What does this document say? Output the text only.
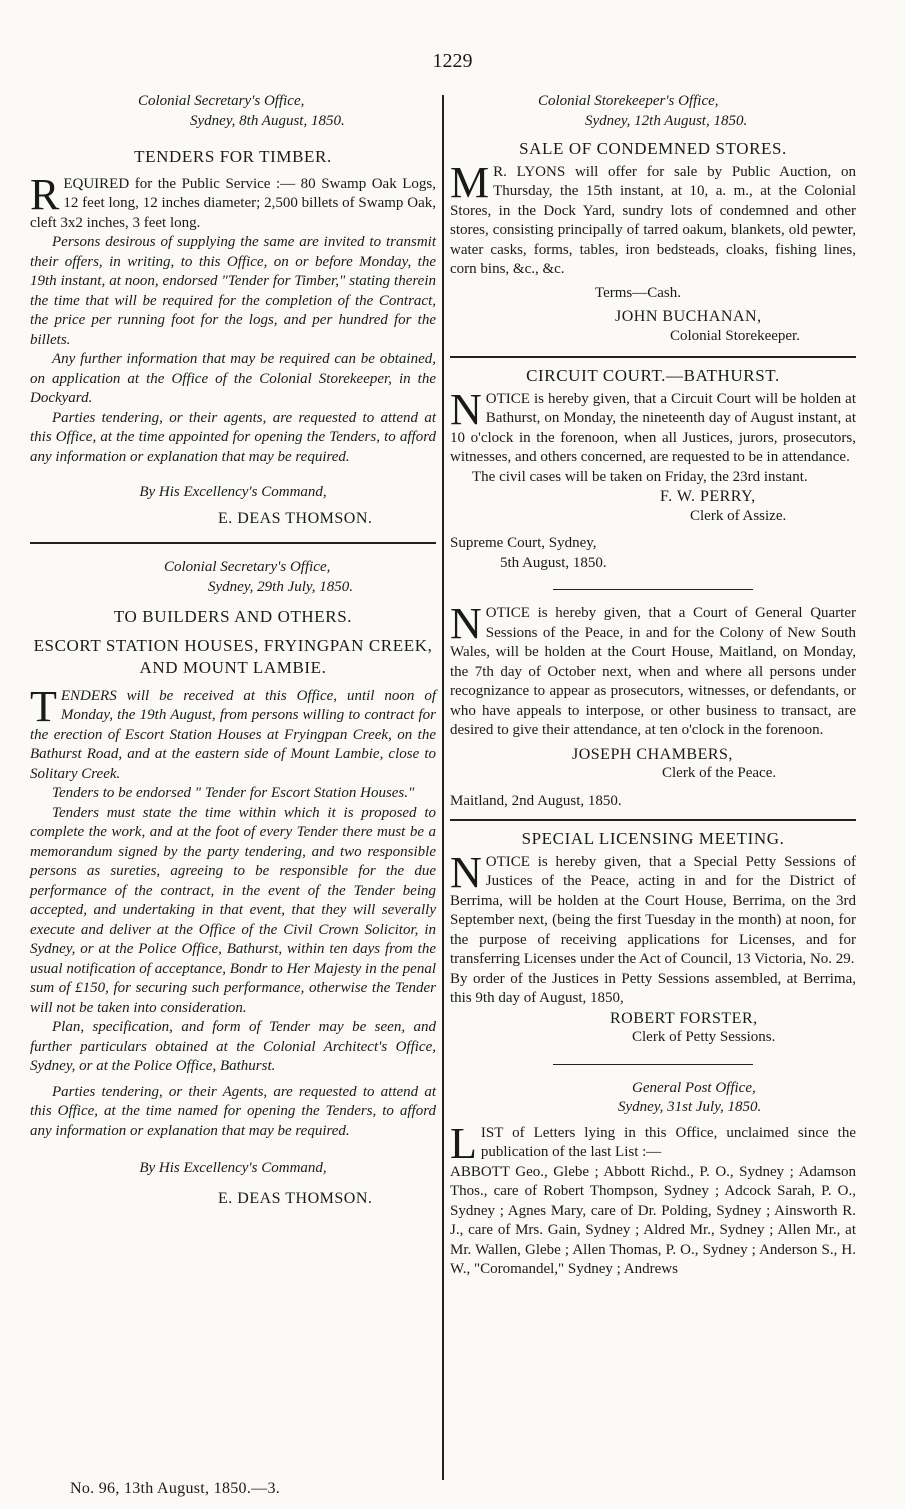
1229
Colonial Secretary's Office,
Sydney, 8th August, 1850.
TENDERS FOR TIMBER.

REQUIRED for the Public Service :— 80 Swamp Oak Logs, 12 feet long, 12 inches diameter; 2,500 billets of Swamp Oak, cleft 3x2 inches, 3 feet long.

Persons desirous of supplying the same are invited to transmit their offers, in writing, to this Office, on or before Monday, the 19th instant, at noon, endorsed "Tender for Timber," stating therein the time that will be required for the completion of the Contract, the price per running foot for the logs, and per hundred for the billets.

Any further information that may be required can be obtained, on application at the Office of the Colonial Storekeeper, in the Dockyard.

Parties tendering, or their agents, are requested to attend at this Office, at the time appointed for opening the Tenders, to afford any information or explanation that may be required.

By His Excellency's Command,
E. DEAS THOMSON.
Colonial Secretary's Office,
Sydney, 29th July, 1850.
TO BUILDERS AND OTHERS.
ESCORT STATION HOUSES, FRYINGPAN CREEK, AND MOUNT LAMBIE.

TENDERS will be received at this Office, until noon of Monday, the 19th August, from persons willing to contract for the erection of Escort Station Houses at Fryingpan Creek, on the Bathurst Road, and at the eastern side of Mount Lambie, close to Solitary Creek.

Tenders to be endorsed " Tender for Escort Station Houses."

Tenders must state the time within which it is proposed to complete the work, and at the foot of every Tender there must be a memorandum signed by the party tendering, and two responsible persons as sureties, agreeing to be responsible for the due performance of the contract, in the event of the Tender being accepted, and undertaking in that event, that they will severally execute and deliver at the Office of the Civil Crown Solicitor, in Sydney, or at the Police Office, Bathurst, within ten days from the usual notification of acceptance, Bondr to Her Majesty in the penal sum of £150, for securing such performance, otherwise the Tender will not be taken into consideration.

Plan, specification, and form of Tender may be seen, and further particulars obtained at the Colonial Architect's Office, Sydney, or at the Police Office, Bathurst.

Parties tendering, or their Agents, are requested to attend at this Office, at the time named for opening the Tenders, to afford any information or explanation that may be required.

By His Excellency's Command,
E. DEAS THOMSON.
Colonial Storekeeper's Office,
Sydney, 12th August, 1850.
SALE OF CONDEMNED STORES.

M R. LYONS will offer for sale by Public Auction, on Thursday, the 15th instant, at 10, a. m., at the Colonial Stores, in the Dock Yard, sundry lots of condemned and other stores, consisting principally of tarred oakum, blankets, old pewter, water casks, forms, tables, iron bedsteads, cloaks, fishing lines, corn bins, &c., &c.

Terms—Cash.
JOHN BUCHANAN,
Colonial Storekeeper.
CIRCUIT COURT.—BATHURST.

NOTICE is hereby given, that a Circuit Court will be holden at Bathurst, on Monday, the nineteenth day of August instant, at 10 o'clock in the forenoon, when all Justices, jurors, prosecutors, witnesses, and others concerned, are requested to be in attendance.

The civil cases will be taken on Friday, the 23rd instant.

F. W. PERRY,
Clerk of Assize.
Supreme Court, Sydney,
5th August, 1850.

NOTICE is hereby given, that a Court of General Quarter Sessions of the Peace, in and for the Colony of New South Wales, will be holden at the Court House, Maitland, on Monday, the 7th day of October next, when and where all persons under recognizance to appear as prosecutors, witnesses, or defendants, or who have appeals to interpose, or other business to transact, are desired to give their attendance, at ten o'clock in the forenoon.

JOSEPH CHAMBERS,
Clerk of the Peace.
Maitland, 2nd August, 1850.
SPECIAL LICENSING MEETING.

NOTICE is hereby given, that a Special Petty Sessions of Justices of the Peace, acting in and for the District of Berrima, will be holden at the Court House, Berrima, on the 3rd September next, (being the first Tuesday in the month) at noon, for the purpose of receiving applications for Licenses, and for transferring Licenses under the Act of Council, 13 Victoria, No. 29.

By order of the Justices in Petty Sessions assembled, at Berrima, this 9th day of August, 1850,

ROBERT FORSTER,
Clerk of Petty Sessions.
General Post Office,
Sydney, 31st July, 1850.

LIST of Letters lying in this Office, unclaimed since the publication of the last List :—

ABBOTT Geo., Glebe ; Abbott Richd., P. O., Sydney ; Adamson Thos., care of Robert Thompson, Sydney ; Adcock Sarah, P. O., Sydney ; Agnes Mary, care of Dr. Polding, Sydney ; Ainsworth R. J., care of Mrs. Gain, Sydney ; Aldred Mr., Sydney ; Allen Mr., at Mr. Wallen, Glebe ; Allen Thomas, P. O., Sydney ; Anderson S., H. W., "Coromandel," Sydney ; Andrews

No. 96, 13th August, 1850.—3.
